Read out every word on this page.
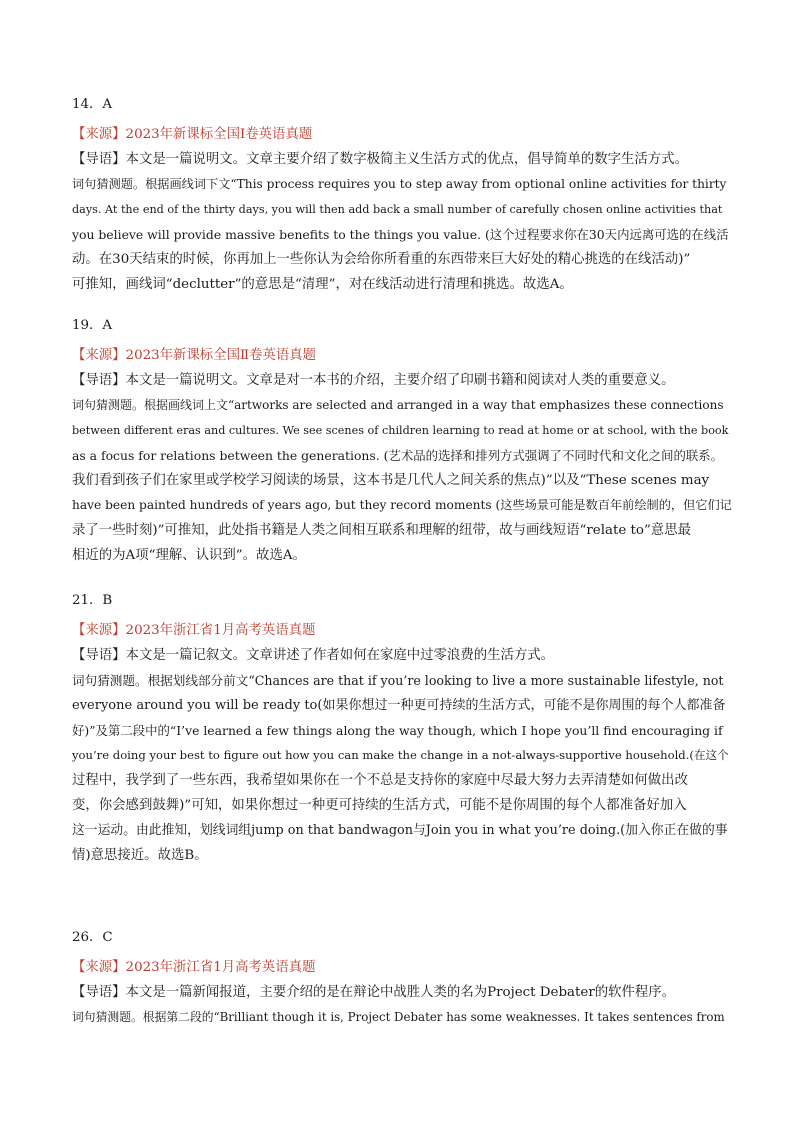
14．A
【来源】2023年新课标全国Ⅰ卷英语真题
【导语】本文是一篇说明文。文章主要介绍了数字极简主义生活方式的优点，倡导简单的数字生活方式。
词句猜测题。根据画线词下文“This process requires you to step away from optional online activities for thirty
days. At the end of the thirty days, you will then add back a small number of carefully chosen online activities that
you believe will provide massive benefits to the things you value. (这个过程要求你在30天内远离可选的在线活
动。在30天结束的时候，你再加上一些你认为会给你所看重的东西带来巨大好处的精心挑选的在线活动)”
可推知，画线词“declutter”的意思是“清理”，对在线活动进行清理和挑选。故选A。
19．A
【来源】2023年新课标全国Ⅱ卷英语真题
【导语】本文是一篇说明文。文章是对一本书的介绍，主要介绍了印刷书籍和阅读对人类的重要意义。
词句猜测题。根据画线词上文“artworks are selected and arranged in a way that emphasizes these connections
between different eras and cultures. We see scenes of children learning to read at home or at school, with the book
as a focus for relations between the generations. (艺术品的选择和排列方式强调了不同时代和文化之间的联系。
我们看到孩子们在家里或学校学习阅读的场景，这本书是几代人之间关系的焦点)”以及“These scenes may
have been painted hundreds of years ago, but they record moments (这些场景可能是数百年前绘制的，但它们记
录了一些时刻)”可推知，此处指书籍是人类之间相互联系和理解的纽带，故与画线短语“relate to”意思最
相近的为A项“理解、认识到”。故选A。
21．B
【来源】2023年浙江省1月高考英语真题
【导语】本文是一篇记叙文。文章讲述了作者如何在家庭中过零浪费的生活方式。
词句猜测题。根据划线部分前文“Chances are that if you’re looking to live a more sustainable lifestyle, not
everyone around you will be ready to(如果你想过一种更可持续的生活方式，可能不是你周围的每个人都准备
好)”及第二段中的“I’ve learned a few things along the way though, which I hope you’ll find encouraging if
you’re doing your best to figure out how you can make the change in a not-always-supportive household.(在这个
过程中，我学到了一些东西，我希望如果你在一个不总是支持你的家庭中尽最大努力去弄清楚如何做出改
变，你会感到鼓舞)”可知，如果你想过一种更可持续的生活方式，可能不是你周围的每个人都准备好加入
这一运动。由此推知，划线词组jump on that bandwagon与Join you in what you’re doing.(加入你正在做的事
情)意思接近。故选B。
26．C
【来源】2023年浙江省1月高考英语真题
【导语】本文是一篇新闻报道，主要介绍的是在辩论中战胜人类的名为Project Debater的软件程序。
词句猜测题。根据第二段的“Brilliant though it is, Project Debater has some weaknesses. It takes sentences from
